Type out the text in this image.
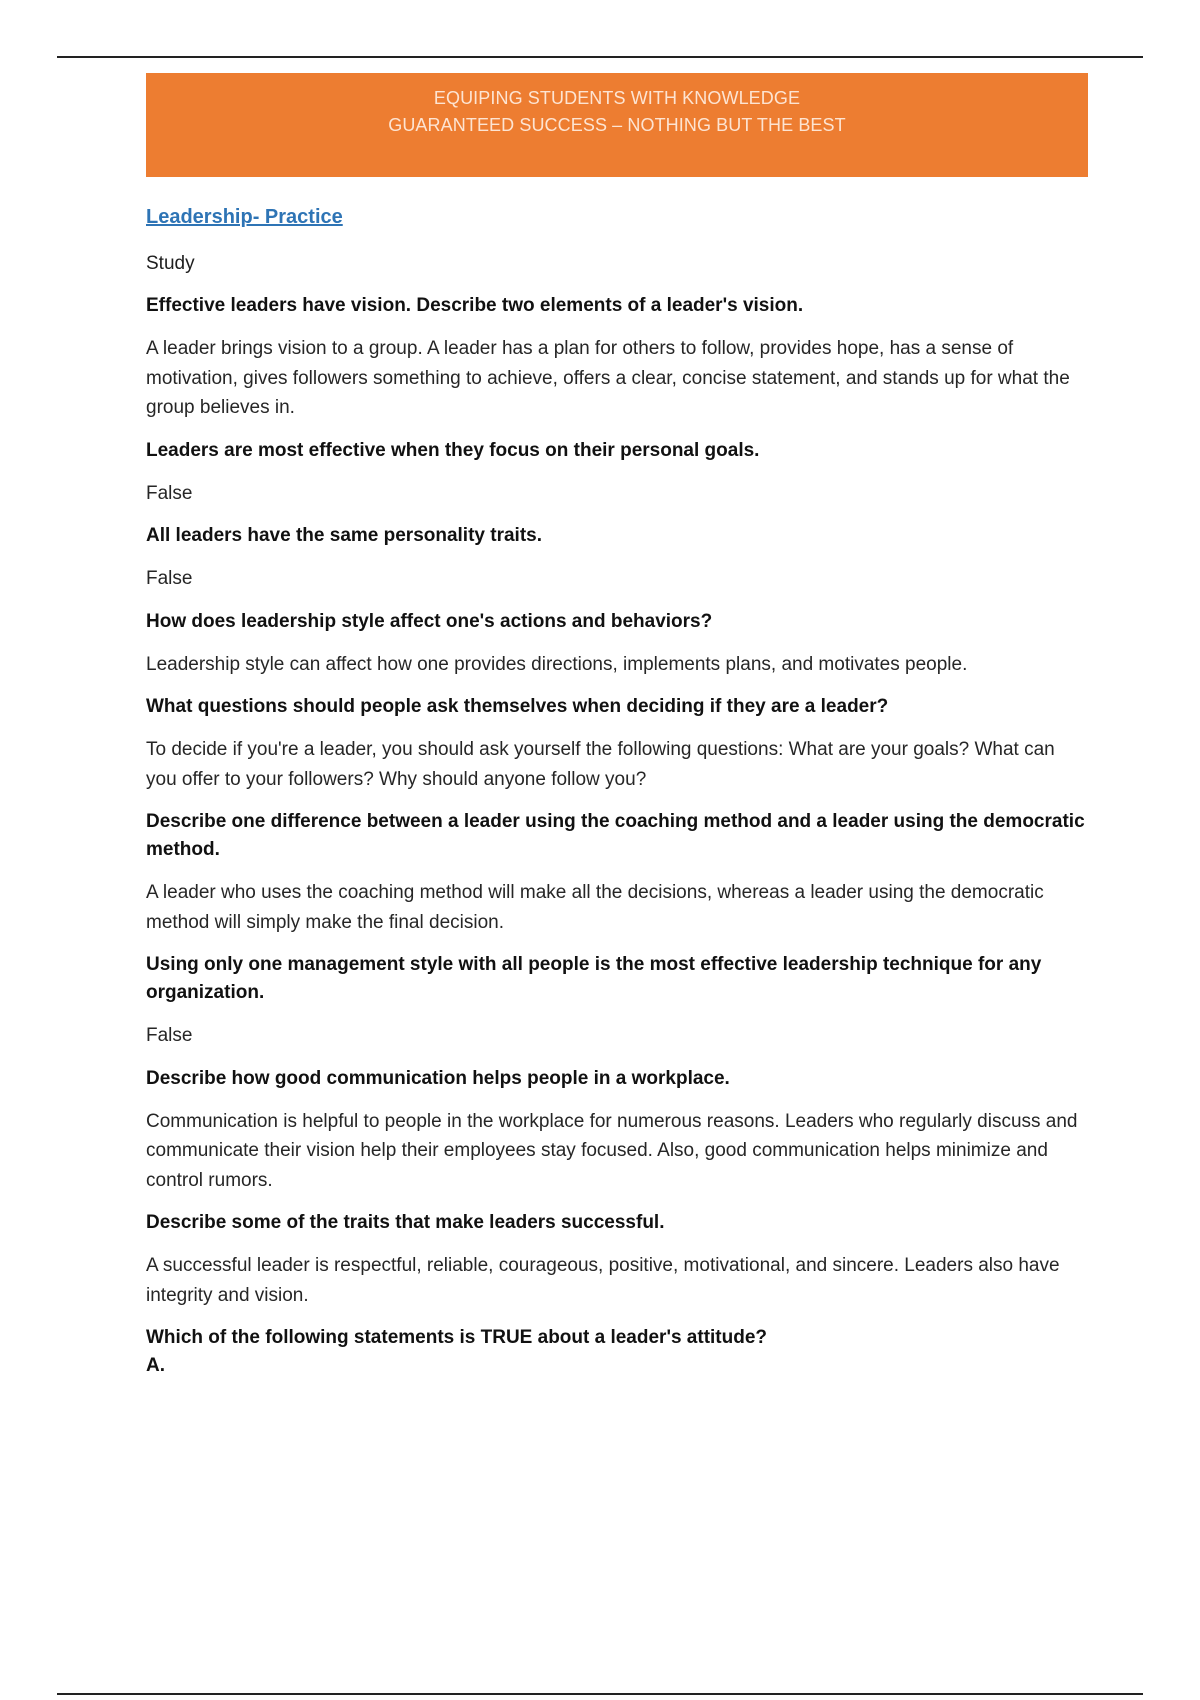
EQUIPING STUDENTS WITH KNOWLEDGE
GUARANTEED SUCCESS – NOTHING BUT THE BEST
Leadership- Practice

Study

Effective leaders have vision. Describe two elements of a leader's vision.

A leader brings vision to a group. A leader has a plan for others to follow, provides hope, has a sense of motivation, gives followers something to achieve, offers a clear, concise statement, and stands up for what the group believes in.

Leaders are most effective when they focus on their personal goals.

False

All leaders have the same personality traits.

False

How does leadership style affect one's actions and behaviors?

Leadership style can affect how one provides directions, implements plans, and motivates people.

What questions should people ask themselves when deciding if they are a leader?

To decide if you're a leader, you should ask yourself the following questions: What are your goals? What can you offer to your followers? Why should anyone follow you?

Describe one difference between a leader using the coaching method and a leader using the democratic method.

A leader who uses the coaching method will make all the decisions, whereas a leader using the democratic method will simply make the final decision.

Using only one management style with all people is the most effective leadership technique for any organization.

False

Describe how good communication helps people in a workplace.

Communication is helpful to people in the workplace for numerous reasons. Leaders who regularly discuss and communicate their vision help their employees stay focused. Also, good communication helps minimize and control rumors.

Describe some of the traits that make leaders successful.

A successful leader is respectful, reliable, courageous, positive, motivational, and sincere. Leaders also have integrity and vision.

Which of the following statements is TRUE about a leader's attitude?

A.
